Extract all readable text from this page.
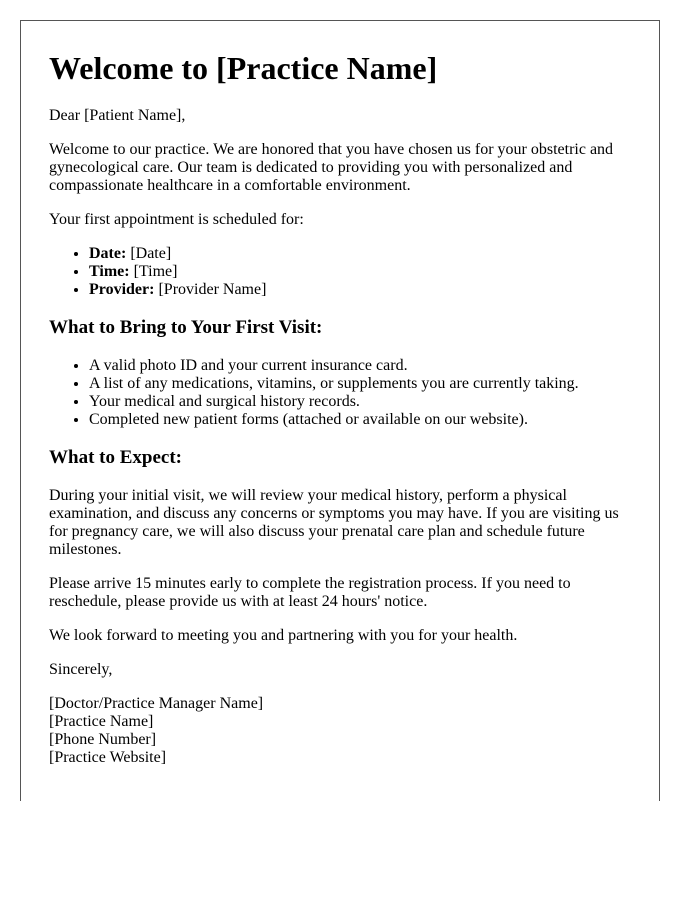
Welcome to [Practice Name]

Dear [Patient Name],

Welcome to our practice. We are honored that you have chosen us for your obstetric and gynecological care. Our team is dedicated to providing you with personalized and compassionate healthcare in a comfortable environment.

Your first appointment is scheduled for:

• Date: [Date]
• Time: [Time]
• Provider: [Provider Name]
What to Bring to Your First Visit:
• A valid photo ID and your current insurance card.
• A list of any medications, vitamins, or supplements you are currently taking.
• Your medical and surgical history records.
• Completed new patient forms (attached or available on our website).
What to Expect:

During your initial visit, we will review your medical history, perform a physical examination, and discuss any concerns or symptoms you may have. If you are visiting us for pregnancy care, we will also discuss your prenatal care plan and schedule future milestones.

Please arrive 15 minutes early to complete the registration process. If you need to reschedule, please provide us with at least 24 hours' notice.

We look forward to meeting you and partnering with you for your health.

Sincerely,

[Doctor/Practice Manager Name]
[Practice Name]
[Phone Number]
[Practice Website]
